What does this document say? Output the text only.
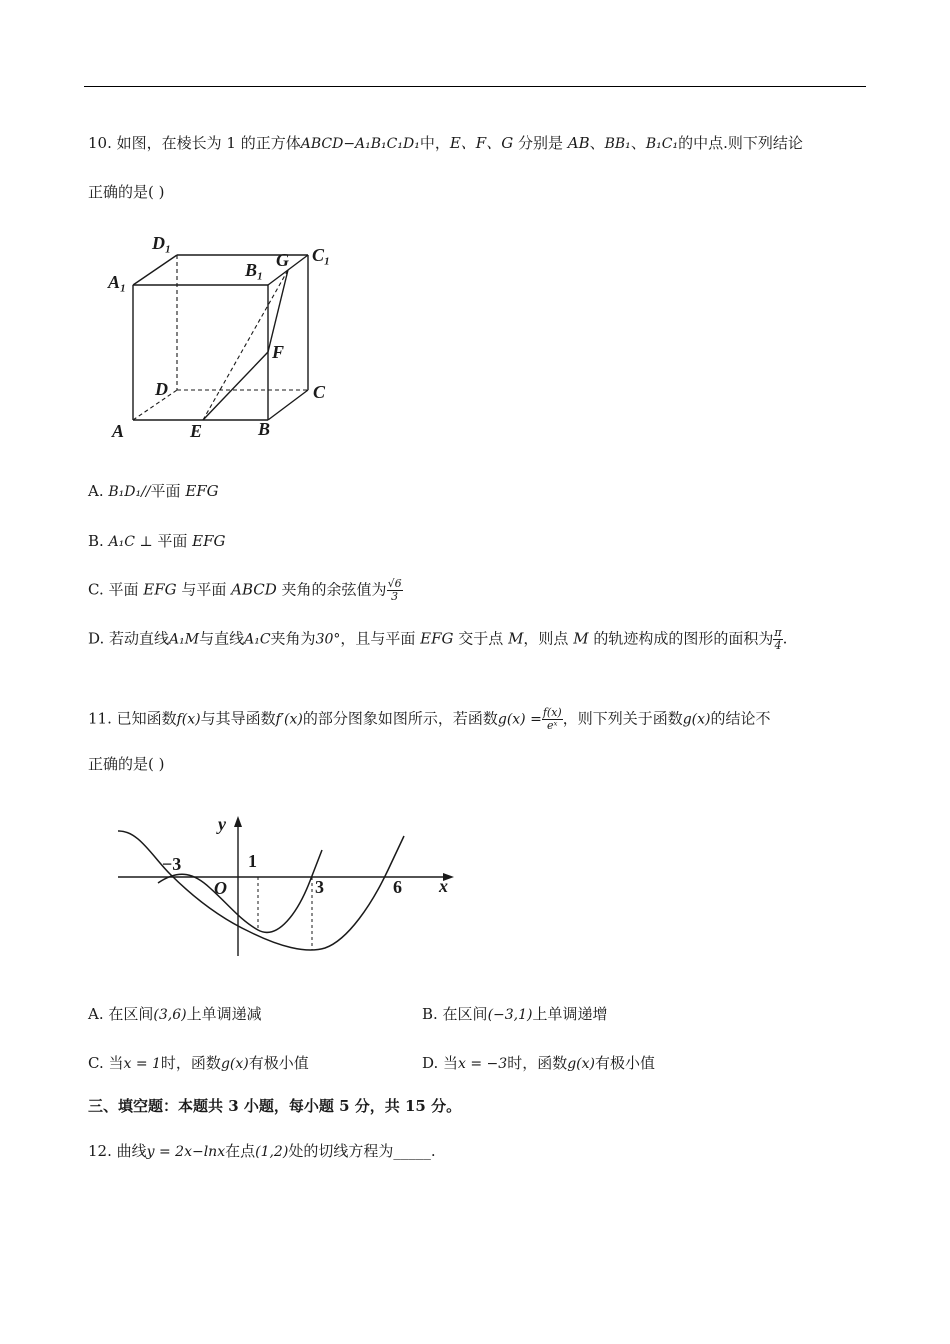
10. 如图，在棱长为 1 的正方体ABCD−A₁B₁C₁D₁中，E、F、G 分别是 AB、BB₁、B₁C₁的中点.则下列结论
正确的是( )
D₁
C₁
A₁
B₁ G
F
D	C
A	E	B
A. B₁D₁//平面 EFG
B. A₁C ⊥ 平面 EFG
C. 平面 EFG 与平面 ABCD 夹角的余弦值为 $\frac{√6}{3}$
D. 若动直线A₁M与直线A₁C夹角为30°，且与平面 EFG 交于点 M，则点 M 的轨迹构成的图形的面积为 $\frac{\pi}{4}$ .
11. 已知函数f(x)与其导函数f′(x)的部分图象如图所示，若函数$g(x) = \frac{f(x)}{\text{eˣ}}$ ，则下列关于函数g(x)的结论不
正确的是( )
y
x
O
−3	1
3	6
A. 在区间(3,6)上单调递减	B. 在区间(−3,1)上单调递增
C. 当x = 1时，函数g(x)有极小值	D. 当x = −3时，函数g(x)有极小值
三、填空题：本题共 3 小题，每小题 5 分，共 15 分。
12. 曲线y = 2x−lnx在点(1,2)处的切线方程为_____.
